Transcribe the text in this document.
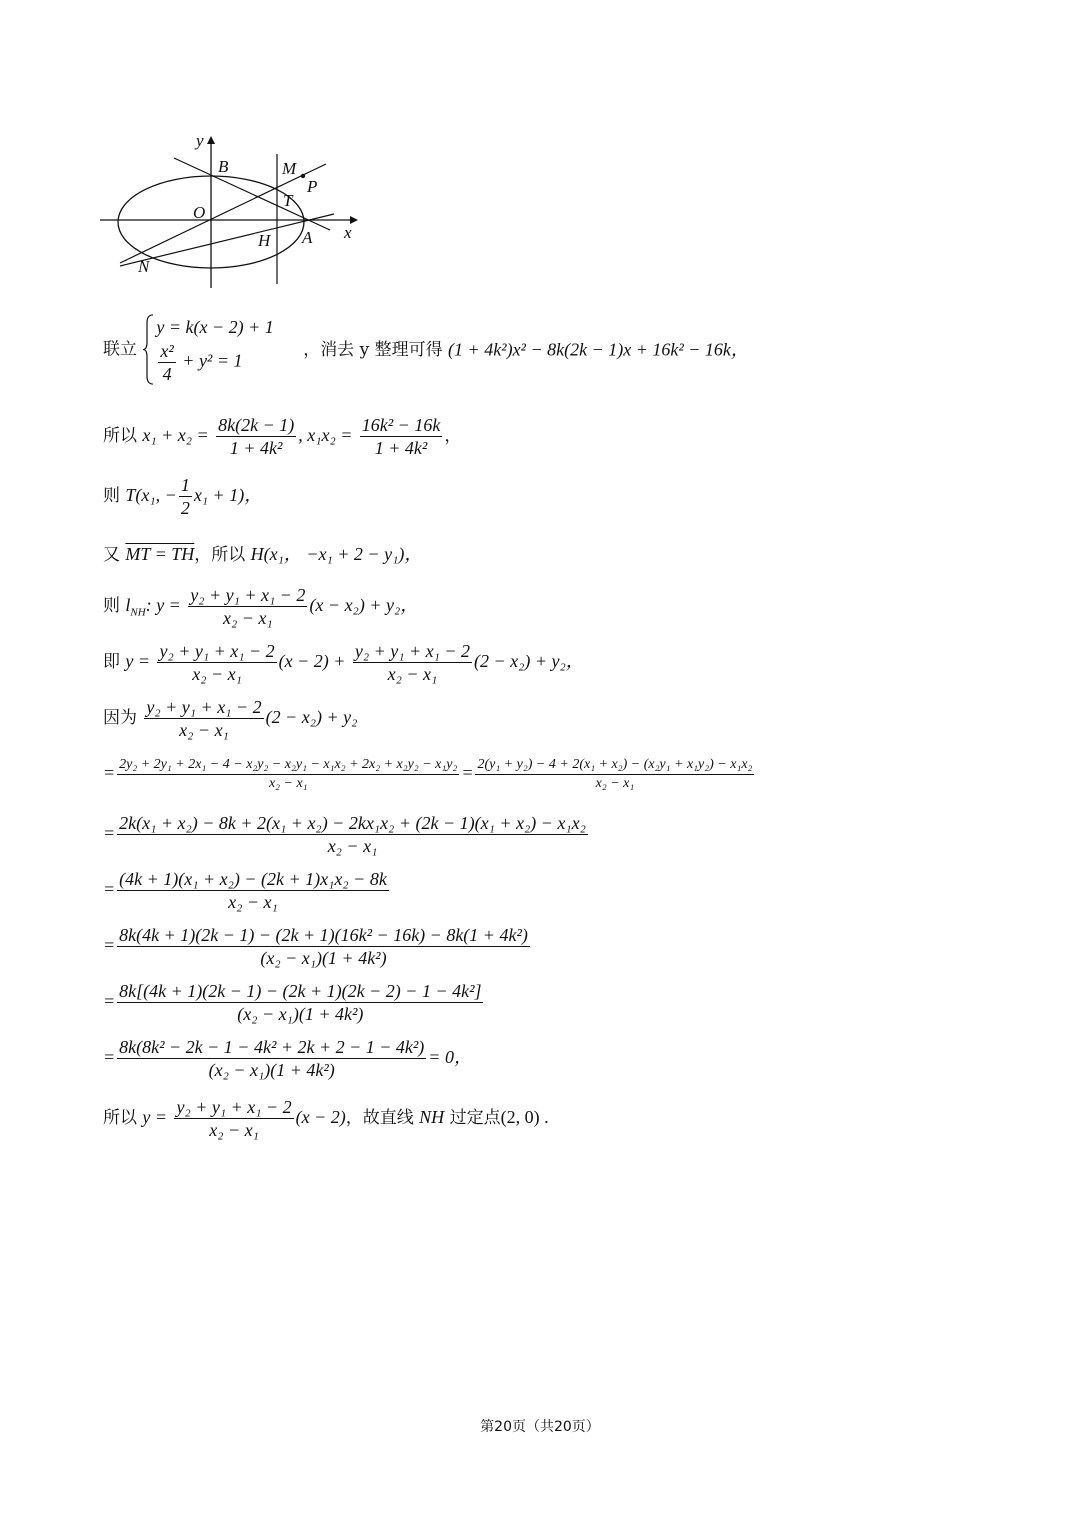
y
x
B	M
P
O
T
H A
N
联立
y = k(x − 2) + 1
$\frac{\text{x²}}{4} + y^2 = 1$
，消去 y 整理可得 (1 + 4k²)x² − 8k(2k − 1)x + 16k² − 16k，
所以 $x_1 + x_2 = \frac{8k(2k - 1)}{\text{1 + 4k²}}$ , $x_1x_2 = \frac{\text{16k² − 16k}}{\text{1 + 4k²}}$ ，
则 T(x₁, − $\frac{1}{2} x_1 + 1$)，
又 MT = TH，所以 H(x₁， −x₁ + 2 − y₁)，
则 $l_{NH}$: $y = \frac{\text{y₂ + y₁ + x₁ − 2}}{\text{x₂ − x₁}} (x - x_2) + y_2$，
即 $y = \frac{\text{y₂ + y₁ + x₁ − 2}}{\text{x₂ − x₁}} (x - 2) + \frac{\text{y₂ + y₁ + x₁ − 2}}{\text{x₂ − x₁}} (2 - x_2) + y_2$，
因为 $\frac{\text{y₂ + y₁ + x₁ − 2}}{\text{x₂ − x₁}} (2 - x_2) + y_2$
= $\frac{\text{2y₂ + 2y₁ + 2x₁ − 4 − x₂y₂ − x₂y₁ − x₁x₂ + 2x₂ + x₂y₂ − x₁y₂}}{\text{x₂ − x₁}} = \frac{\text{2(y₁ + y₂) − 4 + 2(x₁ + x₂) − (x₂y₁ + x₁y₂) − x₁x₂}}{\text{x₂ − x₁}}$
= 2k(x₁ + x₂) − 8k + 2(x₁ + x₂) − 2kx₁x₂ + (2k − 1)(x₁ + x₂) − x₁x₂
x₂ − x₁
= $\frac{\text{(4k + 1)(x₁ + x₂) − (2k + 1)x₁x₂ − 8k}}{\text{x₂ − x₁}}$
= $\frac{\text{8k(4k + 1)(2k − 1) − (2k + 1)(16k² − 16k) − 8k(1 + 4k²)}}{\text{(x₂ − x₁)(1 + 4k²)}}$
= $\frac{\text{8k[(4k + 1)(2k − 1) − (2k + 1)(2k − 2) − 1 − 4k²]}}{\text{(x₂ − x₁)(1 + 4k²)}}$
= $\frac{\text{8k(8k² − 2k − 1 − 4k² + 2k + 2 − 1 − 4k²)}}{\text{(x₂ − x₁)(1 + 4k²)}} = 0$，
所以 $y = \frac{\text{y₂ + y₁ + x₁ − 2}}{\text{x₂ − x₁}} (x - 2)$，故直线 NH 过定点(2, 0) .
第20页（共20页）
